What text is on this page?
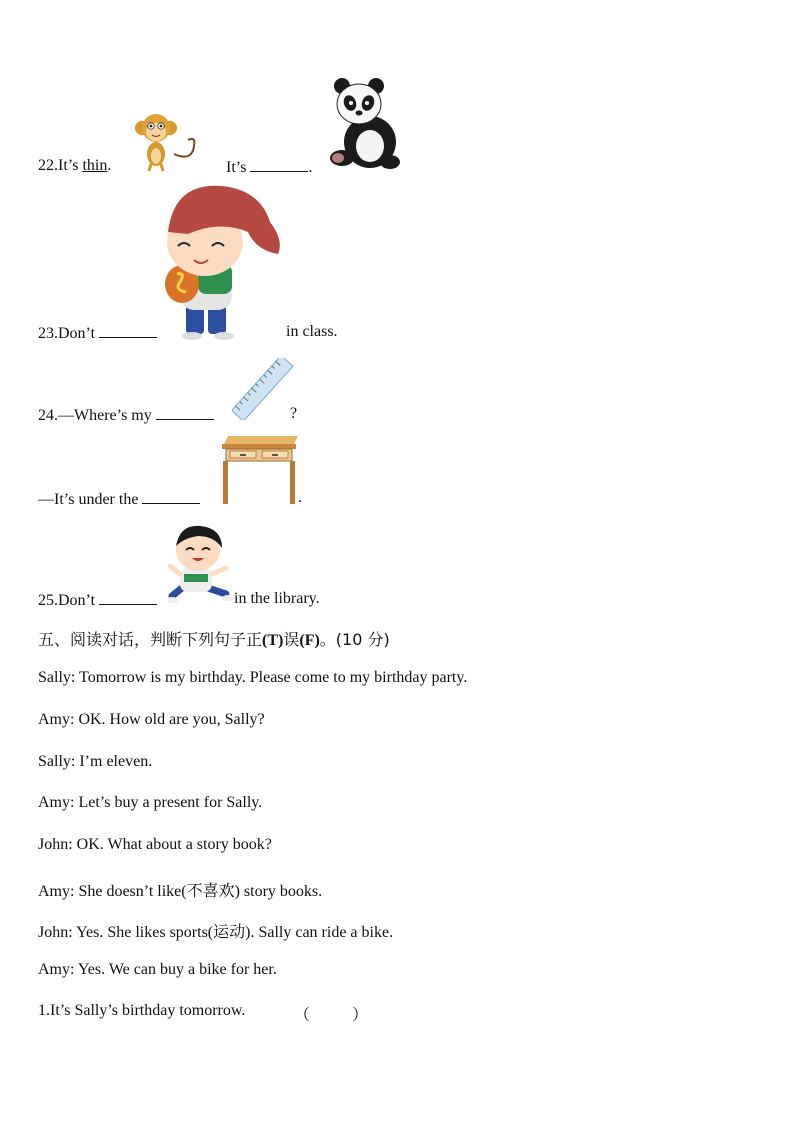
22.It’s thin.	It’s	.
23.Don’t	in class.
24.—Where’s my	?
—It’s under the	.
25.Don’t	in the library.
五、阅读对话，判断下列句子正(T)误(F)。(10 分)
Sally: Tomorrow is my birthday. Please come to my birthday party.
Amy: OK. How old are you, Sally?
Sally: I’m eleven.
Amy: Let’s buy a present for Sally.
John: OK. What about a story book?
Amy: She doesn’t like(不喜欢) story books.
John: Yes. She likes sports(运动). Sally can ride a bike.
Amy: Yes. We can buy a bike for her.
1.It’s Sally’s birthday tomorrow.	（	）
